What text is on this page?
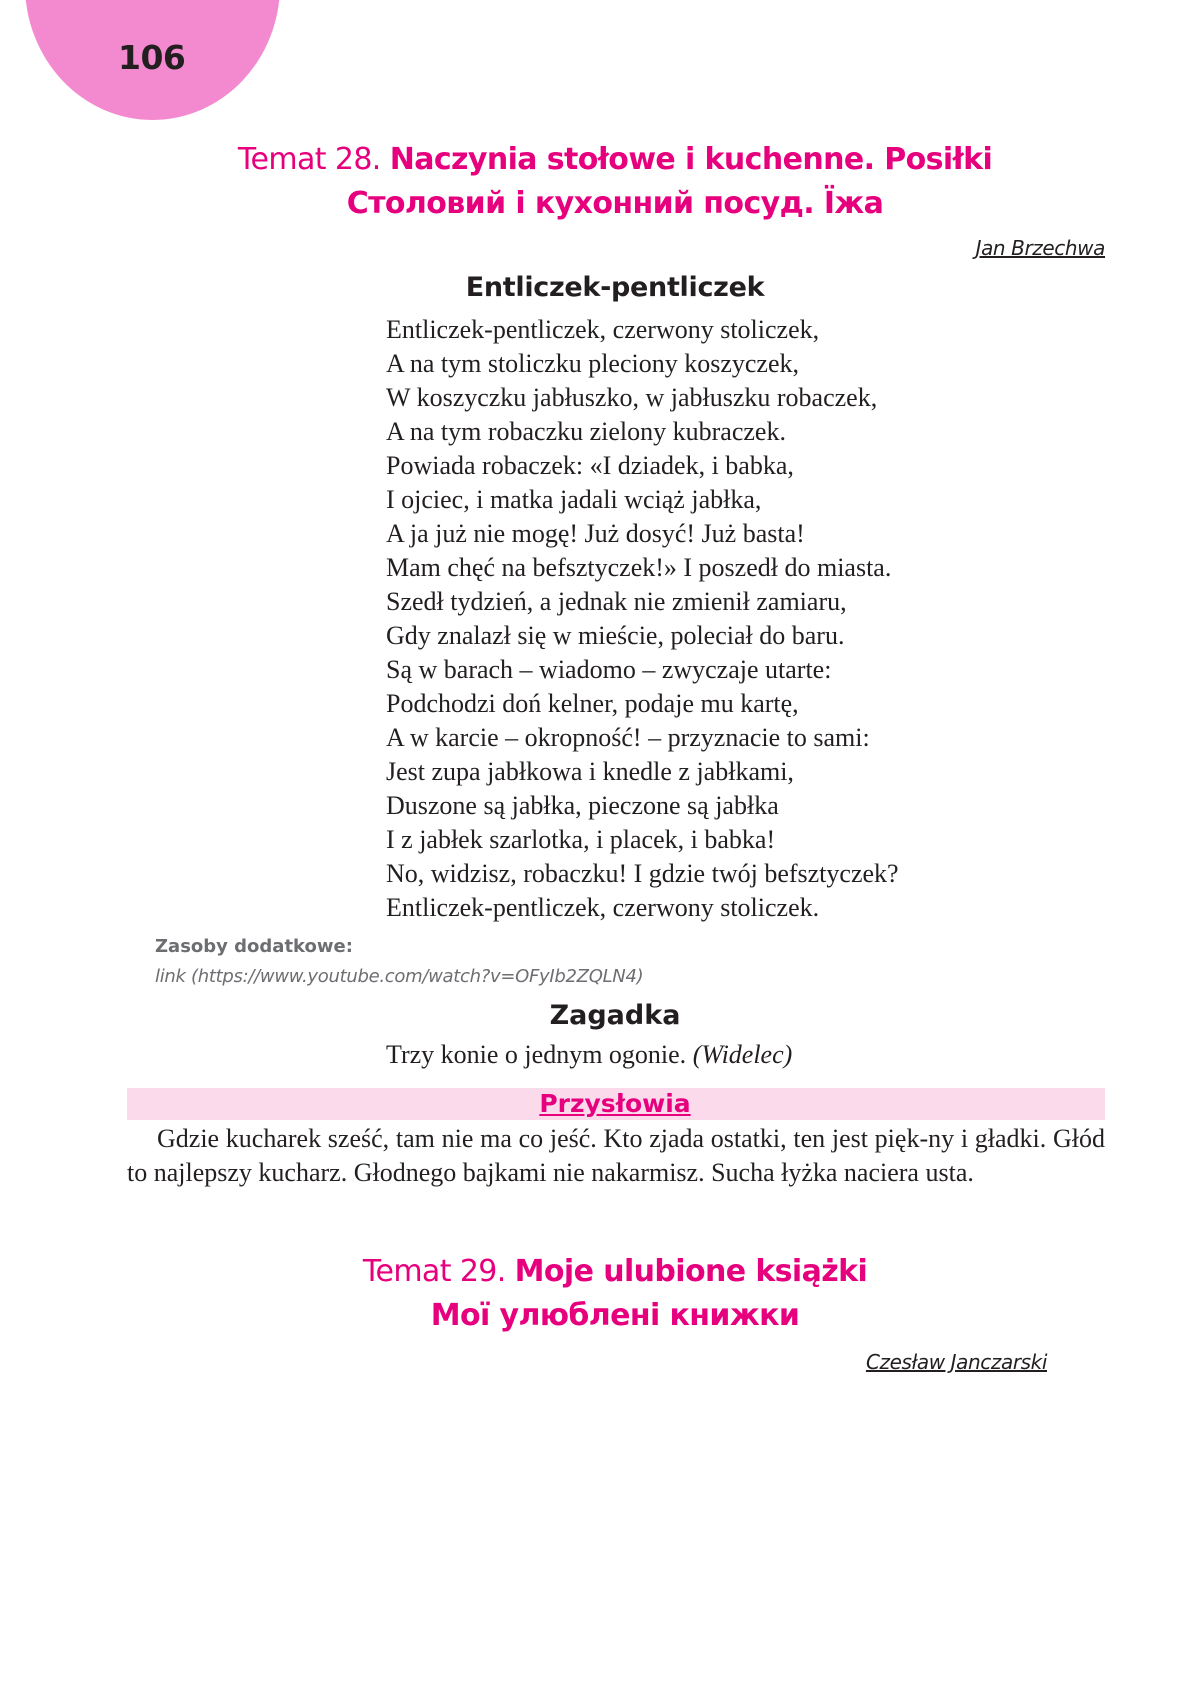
106
Temat 28. Naczynia stołowe i kuchenne. Posiłki
Столовий і кухонний посуд. Їжа
Jan Brzechwa
Entliczek-pentliczek
Entliczek-pentliczek, czerwony stoliczek,
A na tym stoliczku pleciony koszyczek,
W koszyczku jabłuszko, w jabłuszku robaczek,
A na tym robaczku zielony kubraczek.
Powiada robaczek: «I dziadek, i babka,
I ojciec, i matka jadali wciąż jabłka,
A ja już nie mogę! Już dosyć! Już basta!
Mam chęć na befsztyczek!» I poszedł do miasta.
Szedł tydzień, a jednak nie zmienił zamiaru,
Gdy znalazł się w mieście, poleciał do baru.
Są w barach – wiadomo – zwyczaje utarte:
Podchodzi doń kelner, podaje mu kartę,
A w karcie – okropność! – przyznacie to sami:
Jest zupa jabłkowa i knedle z jabłkami,
Duszone są jabłka, pieczone są jabłka
I z jabłek szarlotka, i placek, i babka!
No, widzisz, robaczku! I gdzie twój befsztyczek?
Entliczek-pentliczek, czerwony stoliczek.
Zasoby dodatkowe:
link (https://www.youtube.com/watch?v=OFyIb2ZQLN4)
Zagadka
Trzy konie o jednym ogonie. (Widelec)
Przysłowia

Gdzie kucharek sześć, tam nie ma co jeść. Kto zjada ostatki, ten jest pięk-ny i gładki. Głód to najlepszy kucharz. Głodnego bajkami nie nakarmisz. Sucha łyżka naciera usta.

Temat 29. Moje ulubione książki
Мої улюблені книжки
Czesław Janczarski
